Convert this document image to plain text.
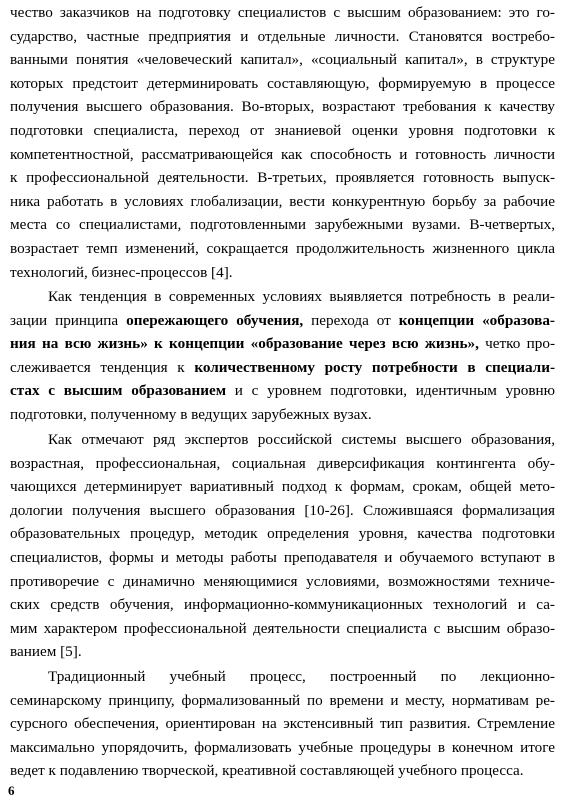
чество заказчиков на подготовку специалистов с высшим образованием: это го-
сударство, частные предприятия и отдельные личности. Становятся востребо-
ванными понятия «человеческий капитал», «социальный капитал», в структуре
которых предстоит детерминировать составляющую, формируемую в процессе
получения высшего образования. Во-вторых, возрастают требования к качеству
подготовки специалиста, переход от знаниевой оценки уровня подготовки к
компетентностной, рассматривающейся как способность и готовность личности
к профессиональной деятельности. В-третьих, проявляется готовность выпуск-
ника работать в условиях глобализации, вести конкурентную борьбу за рабочие
места со специалистами, подготовленными зарубежными вузами. В-четвертых,
возрастает темп изменений, сокращается продолжительность жизненного цикла
технологий, бизнес-процессов [4].
Как тенденция в современных условиях выявляется потребность в реали-
зации принципа опережающего обучения, перехода от концепции «образова-
ния на всю жизнь» к концепции «образование через всю жизнь», четко про-
слеживается тенденция к количественному росту потребности в специали-
стах с высшим образованием и с уровнем подготовки, идентичным уровню
подготовки, полученному в ведущих зарубежных вузах.
Как отмечают ряд экспертов российской системы высшего образования,
возрастная, профессиональная, социальная диверсификация контингента обу-
чающихся детерминирует вариативный подход к формам, срокам, общей мето-
дологии получения высшего образования [10-26]. Сложившаяся формализация
образовательных процедур, методик определения уровня, качества подготовки
специалистов, формы и методы работы преподавателя и обучаемого вступают в
противоречие с динамично меняющимися условиями, возможностями техниче-
ских средств обучения, информационно-коммуникационных технологий и са-
мим характером профессиональной деятельности специалиста с высшим образо-
ванием [5].
Традиционный учебный процесс, построенный по лекционно-
семинарскому принципу, формализованный по времени и месту, нормативам ре-
сурсного обеспечения, ориентирован на экстенсивный тип развития. Стремление
максимально упорядочить, формализовать учебные процедуры в конечном итоге
ведет к подавлению творческой, креативной составляющей учебного процесса.
6
